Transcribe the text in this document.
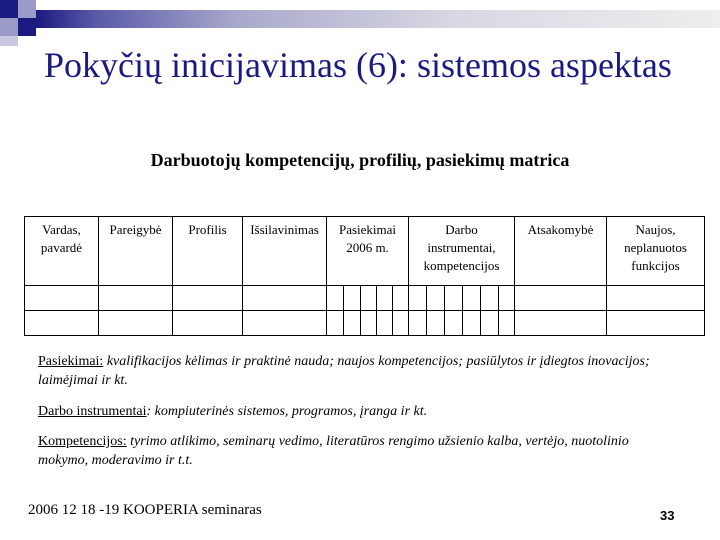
Pokyčių inicijavimas (6): sistemos aspektas
Darbuotojų kompetencijų, profilių, pasiekimų matrica
Vardas, pavardė	Pareigybė	Profilis	Išsilavinimas	Pasiekimai 2006 m.	Darbo instrumentai, kompetencijos	Atsakomybė	Naujos, neplanuotos funkcijos

Pasiekimai: kvalifikacijos kėlimas ir praktinė nauda; naujos kompetencijos; pasiūlytos ir įdiegtos inovacijos; laimėjimai ir kt.
Darbo instrumentai: kompiuterinės sistemos, programos, įranga ir kt.
Kompetencijos: tyrimo atlikimo, seminarų vedimo, literatūros rengimo užsienio kalba, vertėjo, nuotolinio mokymo, moderavimo ir t.t.
2006 12 18 -19 KOOPERIA seminaras	33
